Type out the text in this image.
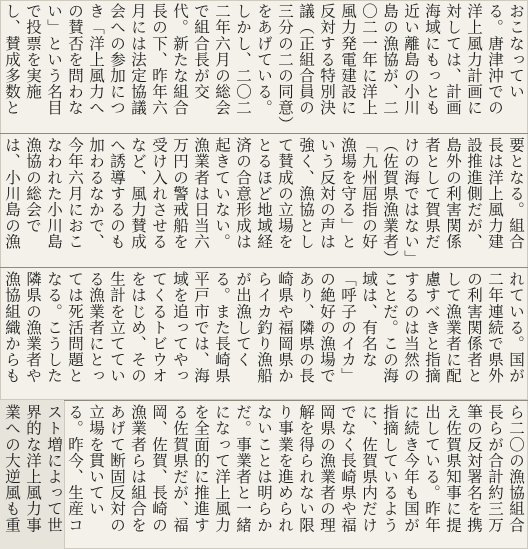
おこなっている。唐津沖での洋上風力計画に対しては、計画海域にもっとも近い離島の小川島の漁協が、二〇二一年に洋上風力発電建設に反対する特別決議（正組合員の三分の二の同意）をあげている。しかし、二〇二二年六月の総会で組合長が交代。新たな組合長の下、昨年六月には法定協議会への参加につき「洋上風力への賛否を問わない」という名目で投票を実施し、賛成多数と
要となる。組合長は洋上風力建設推進側だが、島外の利害関係者として賀県だけの海ではない」（佐賀県漁業者）「九州屈指の好漁場を守る」という反対の声は強く、漁協として賛成の立場をとるほど地域経済の合意形成は起きていない。漁業者は日当六万円の警戒船を受け入れさせるなど、風力賛成へ誘導するのも加わるなかで、今年六月におこなわれた小川島漁協の総会では、小川島の漁
れている。国が二年連続で県外の利害関係者として漁業者に配慮すべきと指摘するのは当然のことだ。この海域は、有名な「呼子のイカ」の絶好の漁場であり、隣県の長崎県や福岡県からイカ釣り漁船が出漁してくる。また長崎県平戸市では、海域を追ってやってくるトビウオをはじめ、その生計を立てている漁業者にとっては死活問題となる。こうした隣県の漁業者や漁協組織からも
ら二〇の漁協組合長らが合計約三万筆の反対署名を携え佐賀県知事に提出している。昨年に続き今年も国が指摘しているように、佐賀県内だけでなく長崎県や福岡県の漁業者の理解を得られない限り事業を進められないことは明らかだ。事業者と一緒になって洋上風力を全面的に推進する佐賀県だが、福岡、佐賀、長崎の漁業者らは組合をあげて断固反対の立場を貫いている。昨今、生産コスト増によって世界的な洋上風力事業への大逆風も重
